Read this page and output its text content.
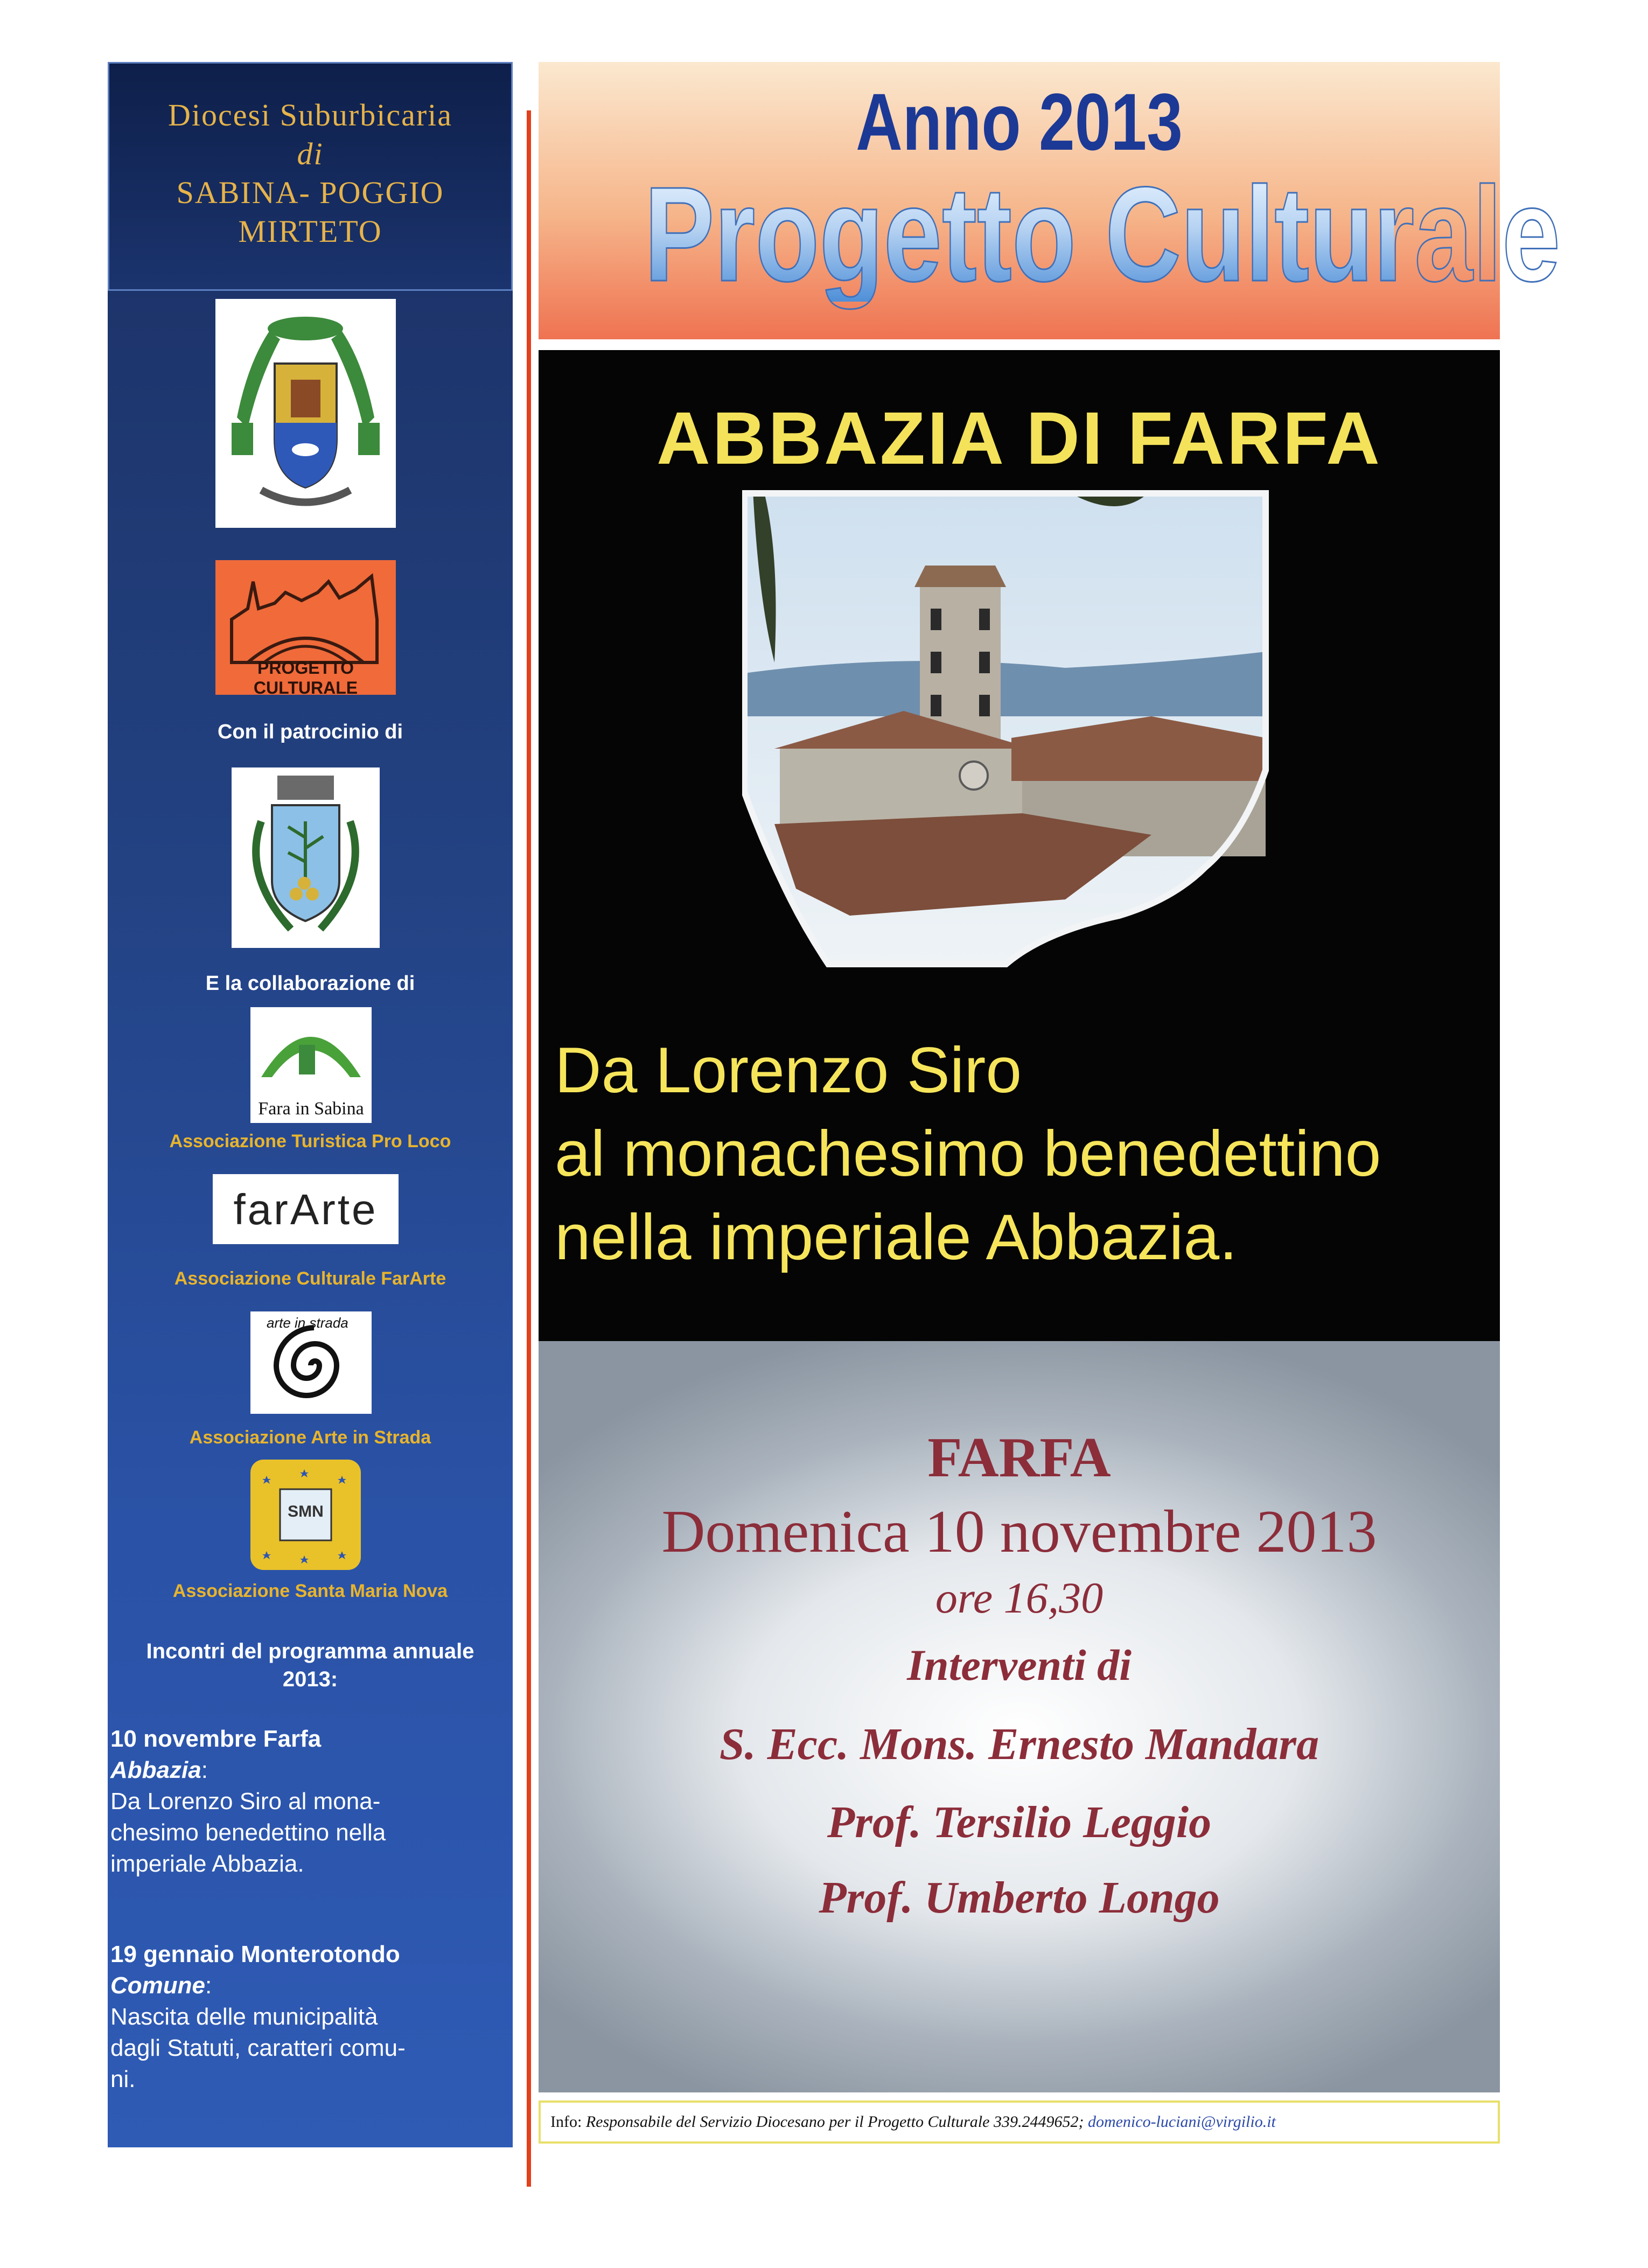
Diocesi Suburbicaria
di
SABINA- POGGIO
MIRTETO
PROGETTO CULTURALE
Con il patrocinio di
E la collaborazione di
Fara in Sabina
Associazione Turistica Pro Loco
farArte
Associazione Culturale FarArte
arte in strada
Associazione Arte in Strada
SMN
Associazione Santa Maria Nova
Incontri del programma annuale
2013:
10 novembre Farfa
Abbazia:
Da Lorenzo Siro al mona-
chesimo benedettino nella
imperiale Abbazia.
19 gennaio Monterotondo
Comune:
Nascita delle municipalità
dagli Statuti, caratteri comu-
ni.
Anno 2013
Progetto Culturale
ABBAZIA DI FARFA
Da Lorenzo Siro
al monachesimo benedettino
nella imperiale Abbazia.
FARFA
Domenica 10 novembre 2013
ore 16,30
Interventi di
S. Ecc. Mons. Ernesto Mandara
Prof. Tersilio Leggio
Prof. Umberto Longo
Info: Responsabile del Servizio Diocesano per il Progetto Culturale 339.2449652; domenico-luciani@virgilio.it
